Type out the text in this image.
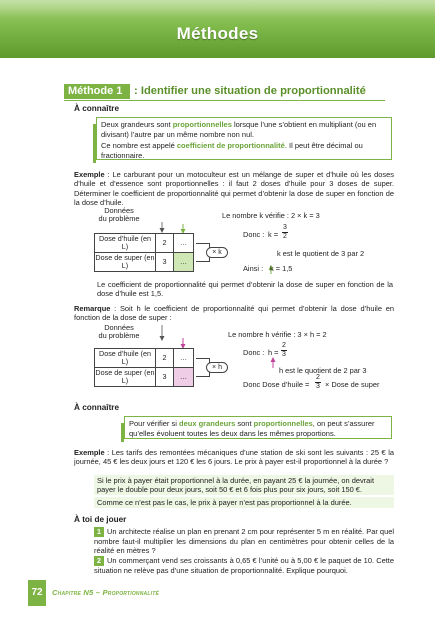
Méthodes
Méthode 1	: Identifier une situation de proportionnalité
À connaître
Deux grandeurs sont proportionnelles lorsque l’une s’obtient en multipliant (ou en divisant) l’autre par un même nombre non nul.
Ce nombre est appelé coefficient de proportionnalité. Il peut être décimal ou fractionnaire.
Exemple : Le carburant pour un motoculteur est un mélange de super et d’huile où les doses d’huile et d’essence sont proportionnelles : il faut 2 doses d’huile pour 3 doses de super. Déterminer le coefficient de proportionnalité qui permet d’obtenir la dose de super en fonction de la dose d’huile.
Données
du problème
Dose d’huile (en L)	2	…
Dose de super (en L)	3	…
× k
Le nombre k vérifie : 2 × k = 3
Donc : $k = \frac{3}{2}$
k est le quotient de 3 par 2
Ainsi : k = 1,5
Le coefficient de proportionnalité qui permet d’obtenir la dose de super en fonction de la dose d’huile est 1,5.
Remarque : Soit h le coefficient de proportionnalité qui permet d’obtenir la dose d’huile en fonction de la dose de super :
Données
du problème
Dose d’huile (en L)	2	…
Dose de super (en L)	3	…
× h
Le nombre h vérifie : 3 × h = 2
Donc : $h = \frac{2}{3}$
h est le quotient de 2 par 3
Donc Dose d’huile = $\frac{2}{3}$ × Dose de super
À connaître
Pour vérifier si deux grandeurs sont proportionnelles, on peut s’assurer qu’elles évoluent toutes les deux dans les mêmes proportions.
Exemple : Les tarifs des remontées mécaniques d’une station de ski sont les suivants : 25 € la journée, 45 € les deux jours et 120 € les 6 jours. Le prix à payer est-il proportionnel à la durée ?
Si le prix à payer était proportionnel à la durée, en payant 25 € la journée, on devrait payer le double pour deux jours, soit 50 € et 6 fois plus pour six jours, soit 150 €.
Comme ce n’est pas le cas, le prix à payer n’est pas proportionnel à la durée.
À toi de jouer
1 Un architecte réalise un plan en prenant 2 cm pour représenter 5 m en réalité. Par quel nombre faut-il multiplier les dimensions du plan en centimètres pour obtenir celles de la réalité en mètres ?
2 Un commerçant vend ses croissants à 0,65 € l’unité ou à 5,00 € le paquet de 10. Cette situation ne relève pas d’une situation de proportionnalité. Explique pourquoi.
72	Chapitre N5 – Proportionnalité
